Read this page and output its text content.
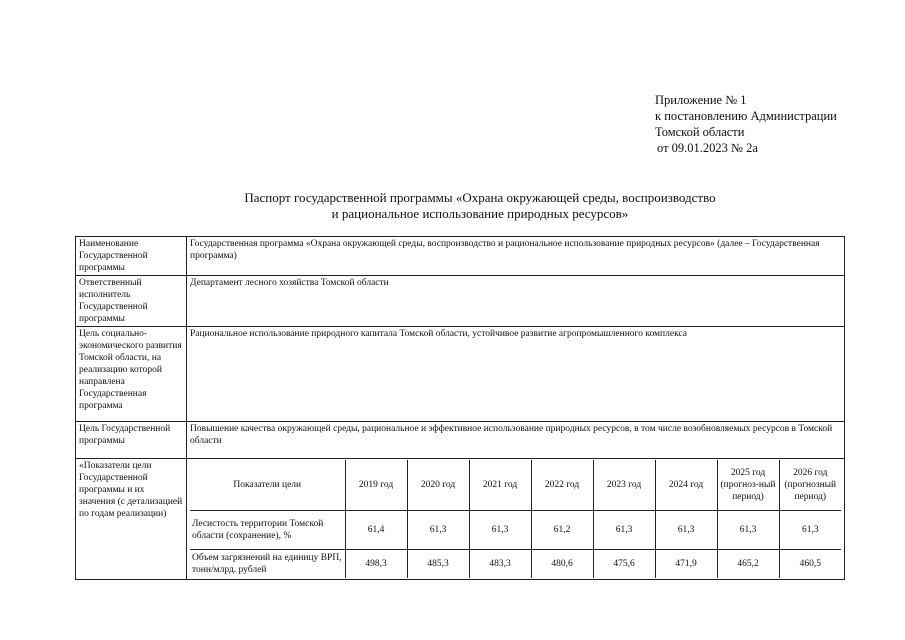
Приложение № 1
к постановлению Администрации
Томской области
от 09.01.2023 № 2а
Паспорт государственной программы «Охрана окружающей среды, воспроизводство
и рациональное использование природных ресурсов»
Наименование Государственной программы	Государственная программа «Охрана окружающей среды, воспроизводство и рациональное использование природных ресурсов» (далее – Государственная программа)
Ответственный исполнитель Государственной программы	Департамент лесного хозяйства Томской области
Цель социально-экономического развития Томской области, на реализацию которой направлена Государственная программа	Рациональное использование природного капитала Томской области, устойчивое развитие агропромышленного комплекса
Цель Государственной программы	Повышение качества окружающей среды, рациональное и эффективное использование природных ресурсов, в том числе возобновляемых ресурсов в Томской области
«Показатели цели Государственной программы и их значения (с детализацией по годам реализации)	
Показатели цели	2019 год	2020 год	2021 год	2022 год	2023 год	2024 год	2025 год (прогноз-ный период)	2026 год (прогнозный период)
Лесистость территории Томской области (сохранение), %	61,4	61,3	61,3	61,2	61,3	61,3	61,3	61,3
Объем загрязнений на единицу ВРП, тонн/млрд. рублей	498,3	485,3	483,3	480,6	475,6	471,9	465,2	460,5
